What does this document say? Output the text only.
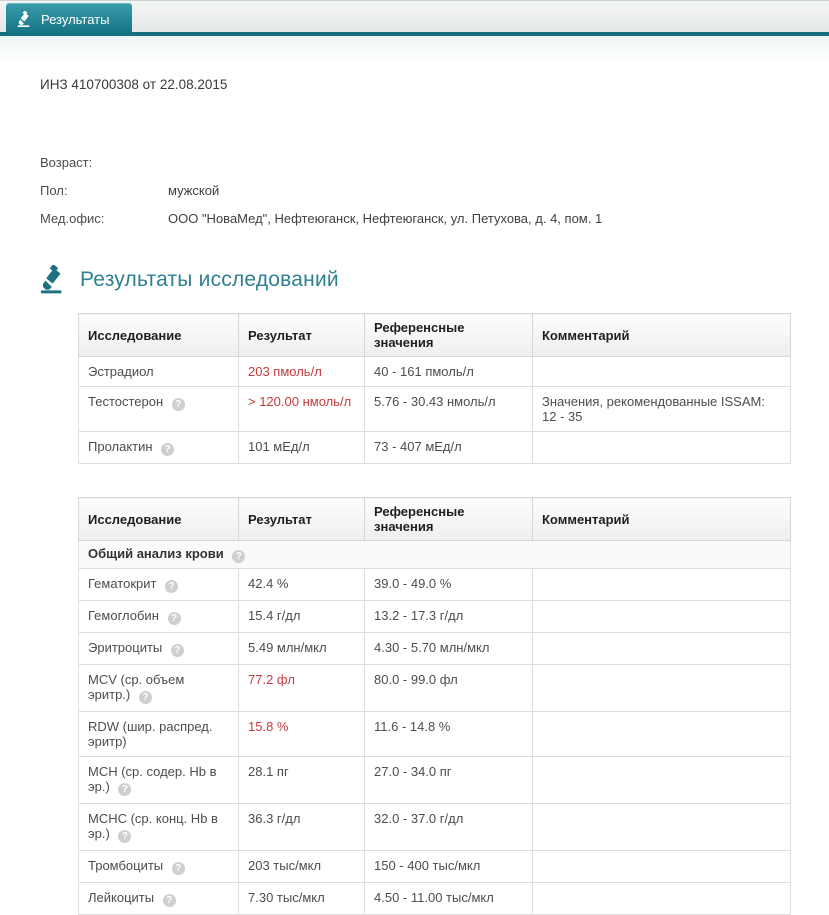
Результаты
ИНЗ 410700308 от 22.08.2015
Возраст:
Пол:	мужской
Мед.офис:	ООО "НоваМед", Нефтеюганск, Нефтеюганск, ул. Петухова, д. 4, пом. 1
Результаты исследований
Исследование	Результат	Референсные значения	Комментарий
Эстрадиол	203 пмоль/л	40 - 161 пмоль/л	
Тестостерон ?	> 120.00 нмоль/л	5.76 - 30.43 нмоль/л	Значения, рекомендованные ISSAM: 12 - 35
Пролактин ?	101 мЕд/л	73 - 407 мЕд/л	
Исследование	Результат	Референсные значения	Комментарий
Общий анализ крови ?			
Гематокрит ?	42.4 %	39.0 - 49.0 %	
Гемоглобин ?	15.4 г/дл	13.2 - 17.3 г/дл	
Эритроциты ?	5.49 млн/мкл	4.30 - 5.70 млн/мкл	
MCV (ср. объем эритр.) ?	77.2 фл	80.0 - 99.0 фл	
RDW (шир. распред. эритр)	15.8 %	11.6 - 14.8 %	
MCH (ср. содер. Hb в эр.) ?	28.1 пг	27.0 - 34.0 пг	
MCHC (ср. конц. Hb в эр.) ?	36.3 г/дл	32.0 - 37.0 г/дл	
Тромбоциты ?	203 тыс/мкл	150 - 400 тыс/мкл	
Лейкоциты ?	7.30 тыс/мкл	4.50 - 11.00 тыс/мкл	
